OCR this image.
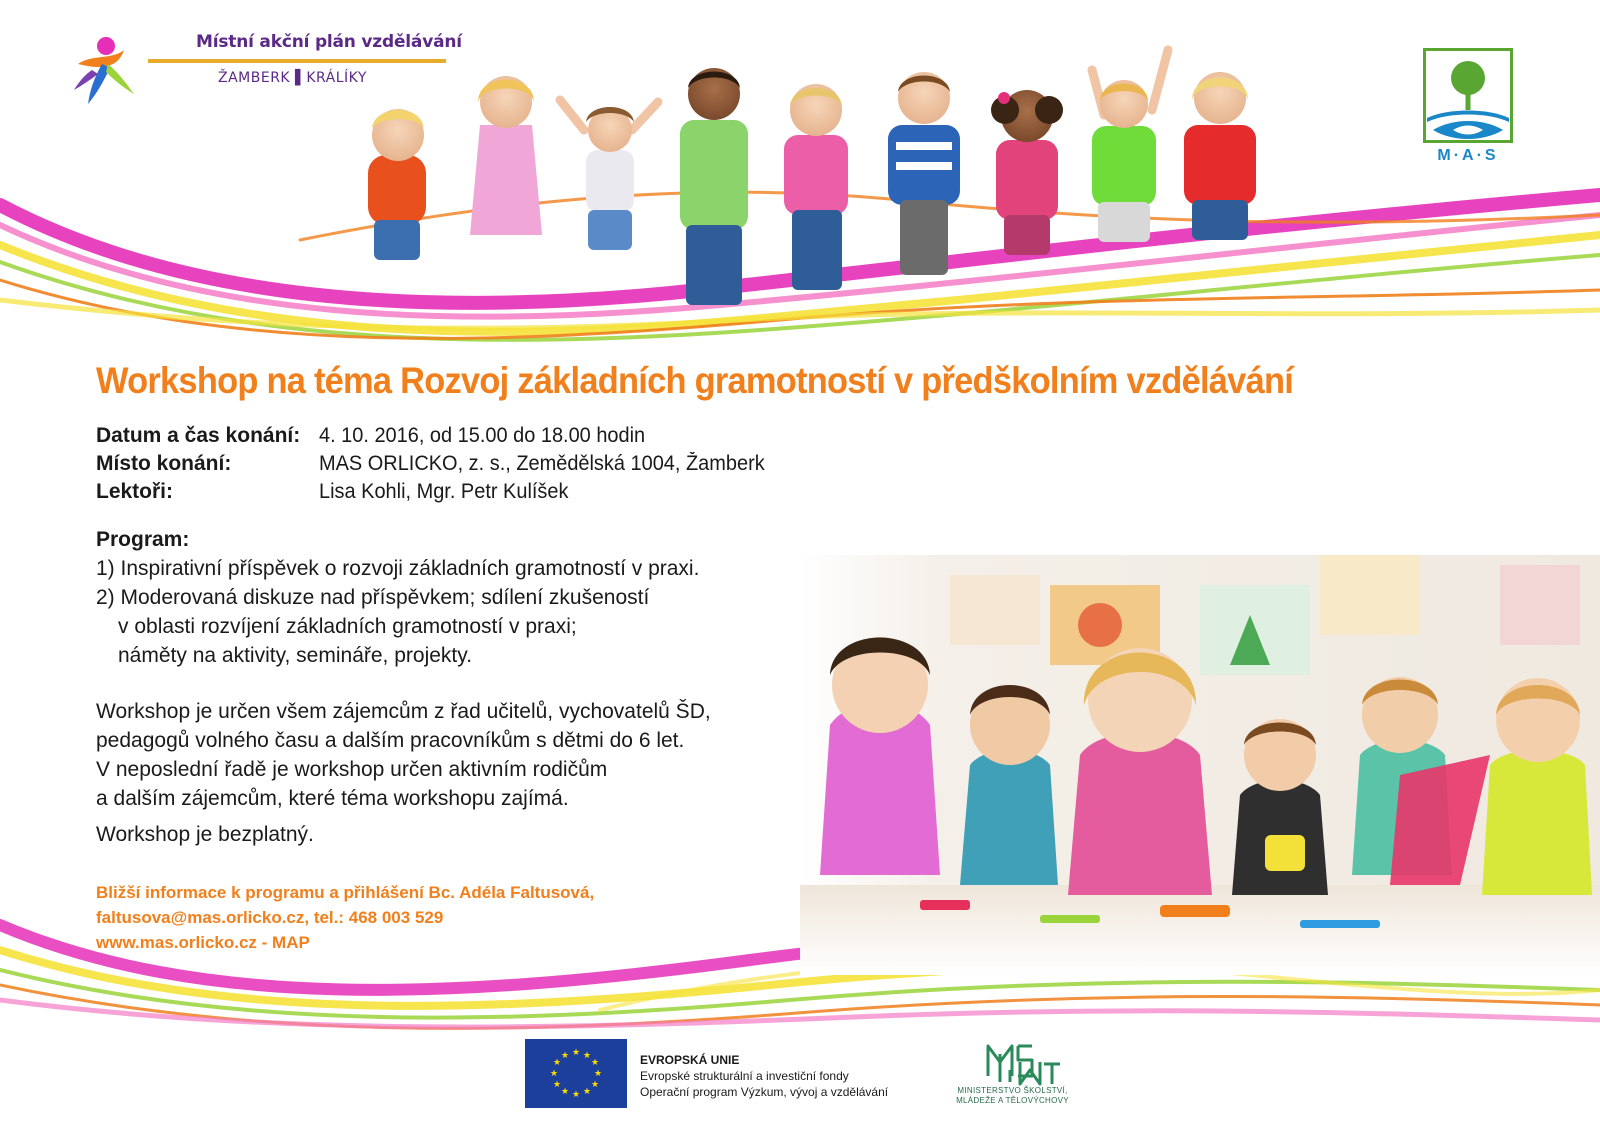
Místní akční plán vzdělávání
ŽAMBERK ▌KRÁLÍKY
M·A·S
Workshop na téma Rozvoj základních gramotností v předškolním vzdělávání
Datum a čas konání: 4. 10. 2016, od 15.00 do 18.00 hodin
Místo konání:	MAS ORLICKO, z. s., Zemědělská 1004, Žamberk
Lektoři:	Lisa Kohli, Mgr. Petr Kulíšek
Program:
1) Inspirativní příspěvek o rozvoji základních gramotností v praxi.
2) Moderovaná diskuze nad příspěvkem; sdílení zkušeností
v oblasti rozvíjení základních gramotností v praxi;
náměty na aktivity, semináře, projekty.
Workshop je určen všem zájemcům z řad učitelů, vychovatelů ŠD,
pedagogů volného času a dalším pracovníkům s dětmi do 6 let.
V neposlední řadě je workshop určen aktivním rodičům
a dalším zájemcům, které téma workshopu zajímá.
Workshop je bezplatný.
Bližší informace k programu a přihlášení Bc. Adéla Faltusová,
faltusova@mas.orlicko.cz, tel.: 468 003 529
www.mas.orlicko.cz - MAP
★ ★
★
★
★
★
★
★
★
★
★
★	EVROPSKÁ UNIE
Evropské strukturální a investiční fondy
Operační program Výzkum, vývoj a vzdělávání	MINISTERSTVO ŠKOLSTVÍ,
MLÁDEŽE A TĚLOVÝCHOVY
